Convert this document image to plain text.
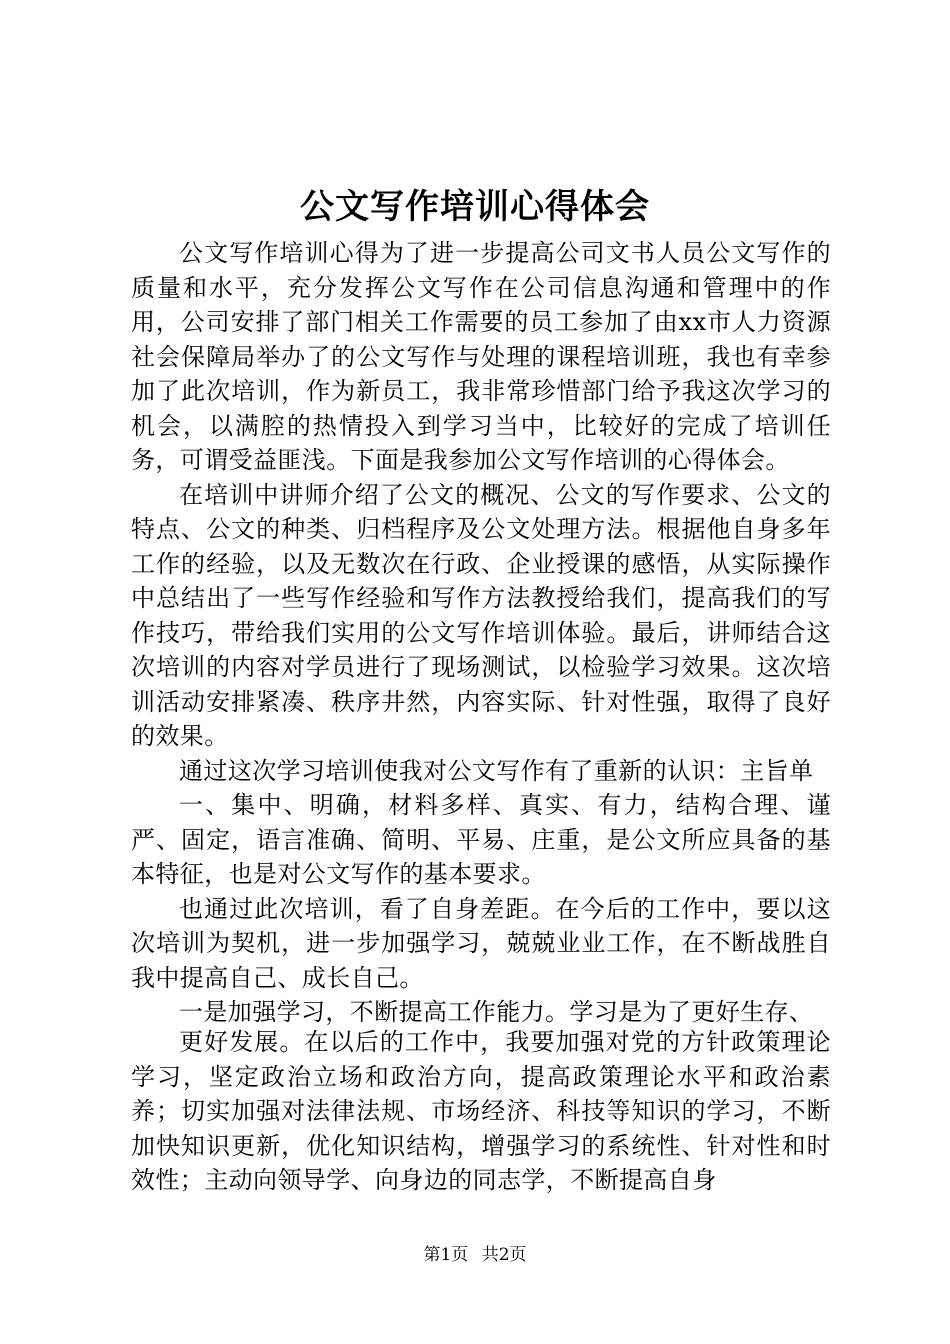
公文写作培训心得体会

公文写作培训心得为了进一步提高公司文书人员公文写作的质量和水平，充分发挥公文写作在公司信息沟通和管理中的作用，公司安排了部门相关工作需要的员工参加了由xx市人力资源社会保障局举办了的公文写作与处理的课程培训班，我也有幸参加了此次培训，作为新员工，我非常珍惜部门给予我这次学习的机会，以满腔的热情投入到学习当中，比较好的完成了培训任务，可谓受益匪浅。下面是我参加公文写作培训的心得体会。

在培训中讲师介绍了公文的概况、公文的写作要求、公文的特点、公文的种类、归档程序及公文处理方法。根据他自身多年工作的经验，以及无数次在行政、企业授课的感悟，从实际操作中总结出了一些写作经验和写作方法教授给我们，提高我们的写作技巧，带给我们实用的公文写作培训体验。最后，讲师结合这次培训的内容对学员进行了现场测试，以检验学习效果。这次培训活动安排紧凑、秩序井然，内容实际、针对性强，取得了良好的效果。

通过这次学习培训使我对公文写作有了重新的认识：主旨单

一、集中、明确，材料多样、真实、有力，结构合理、谨严、固定，语言准确、简明、平易、庄重，是公文所应具备的基本特征，也是对公文写作的基本要求。

也通过此次培训，看了自身差距。在今后的工作中，要以这次培训为契机，进一步加强学习，兢兢业业工作，在不断战胜自我中提高自己、成长自己。

一是加强学习，不断提高工作能力。学习是为了更好生存、

更好发展。在以后的工作中，我要加强对党的方针政策理论学习，坚定政治立场和政治方向，提高政策理论水平和政治素养；切实加强对法律法规、市场经济、科技等知识的学习，不断加快知识更新，优化知识结构，增强学习的系统性、针对性和时效性；主动向领导学、向身边的同志学，不断提高自身

第1页 共2页
